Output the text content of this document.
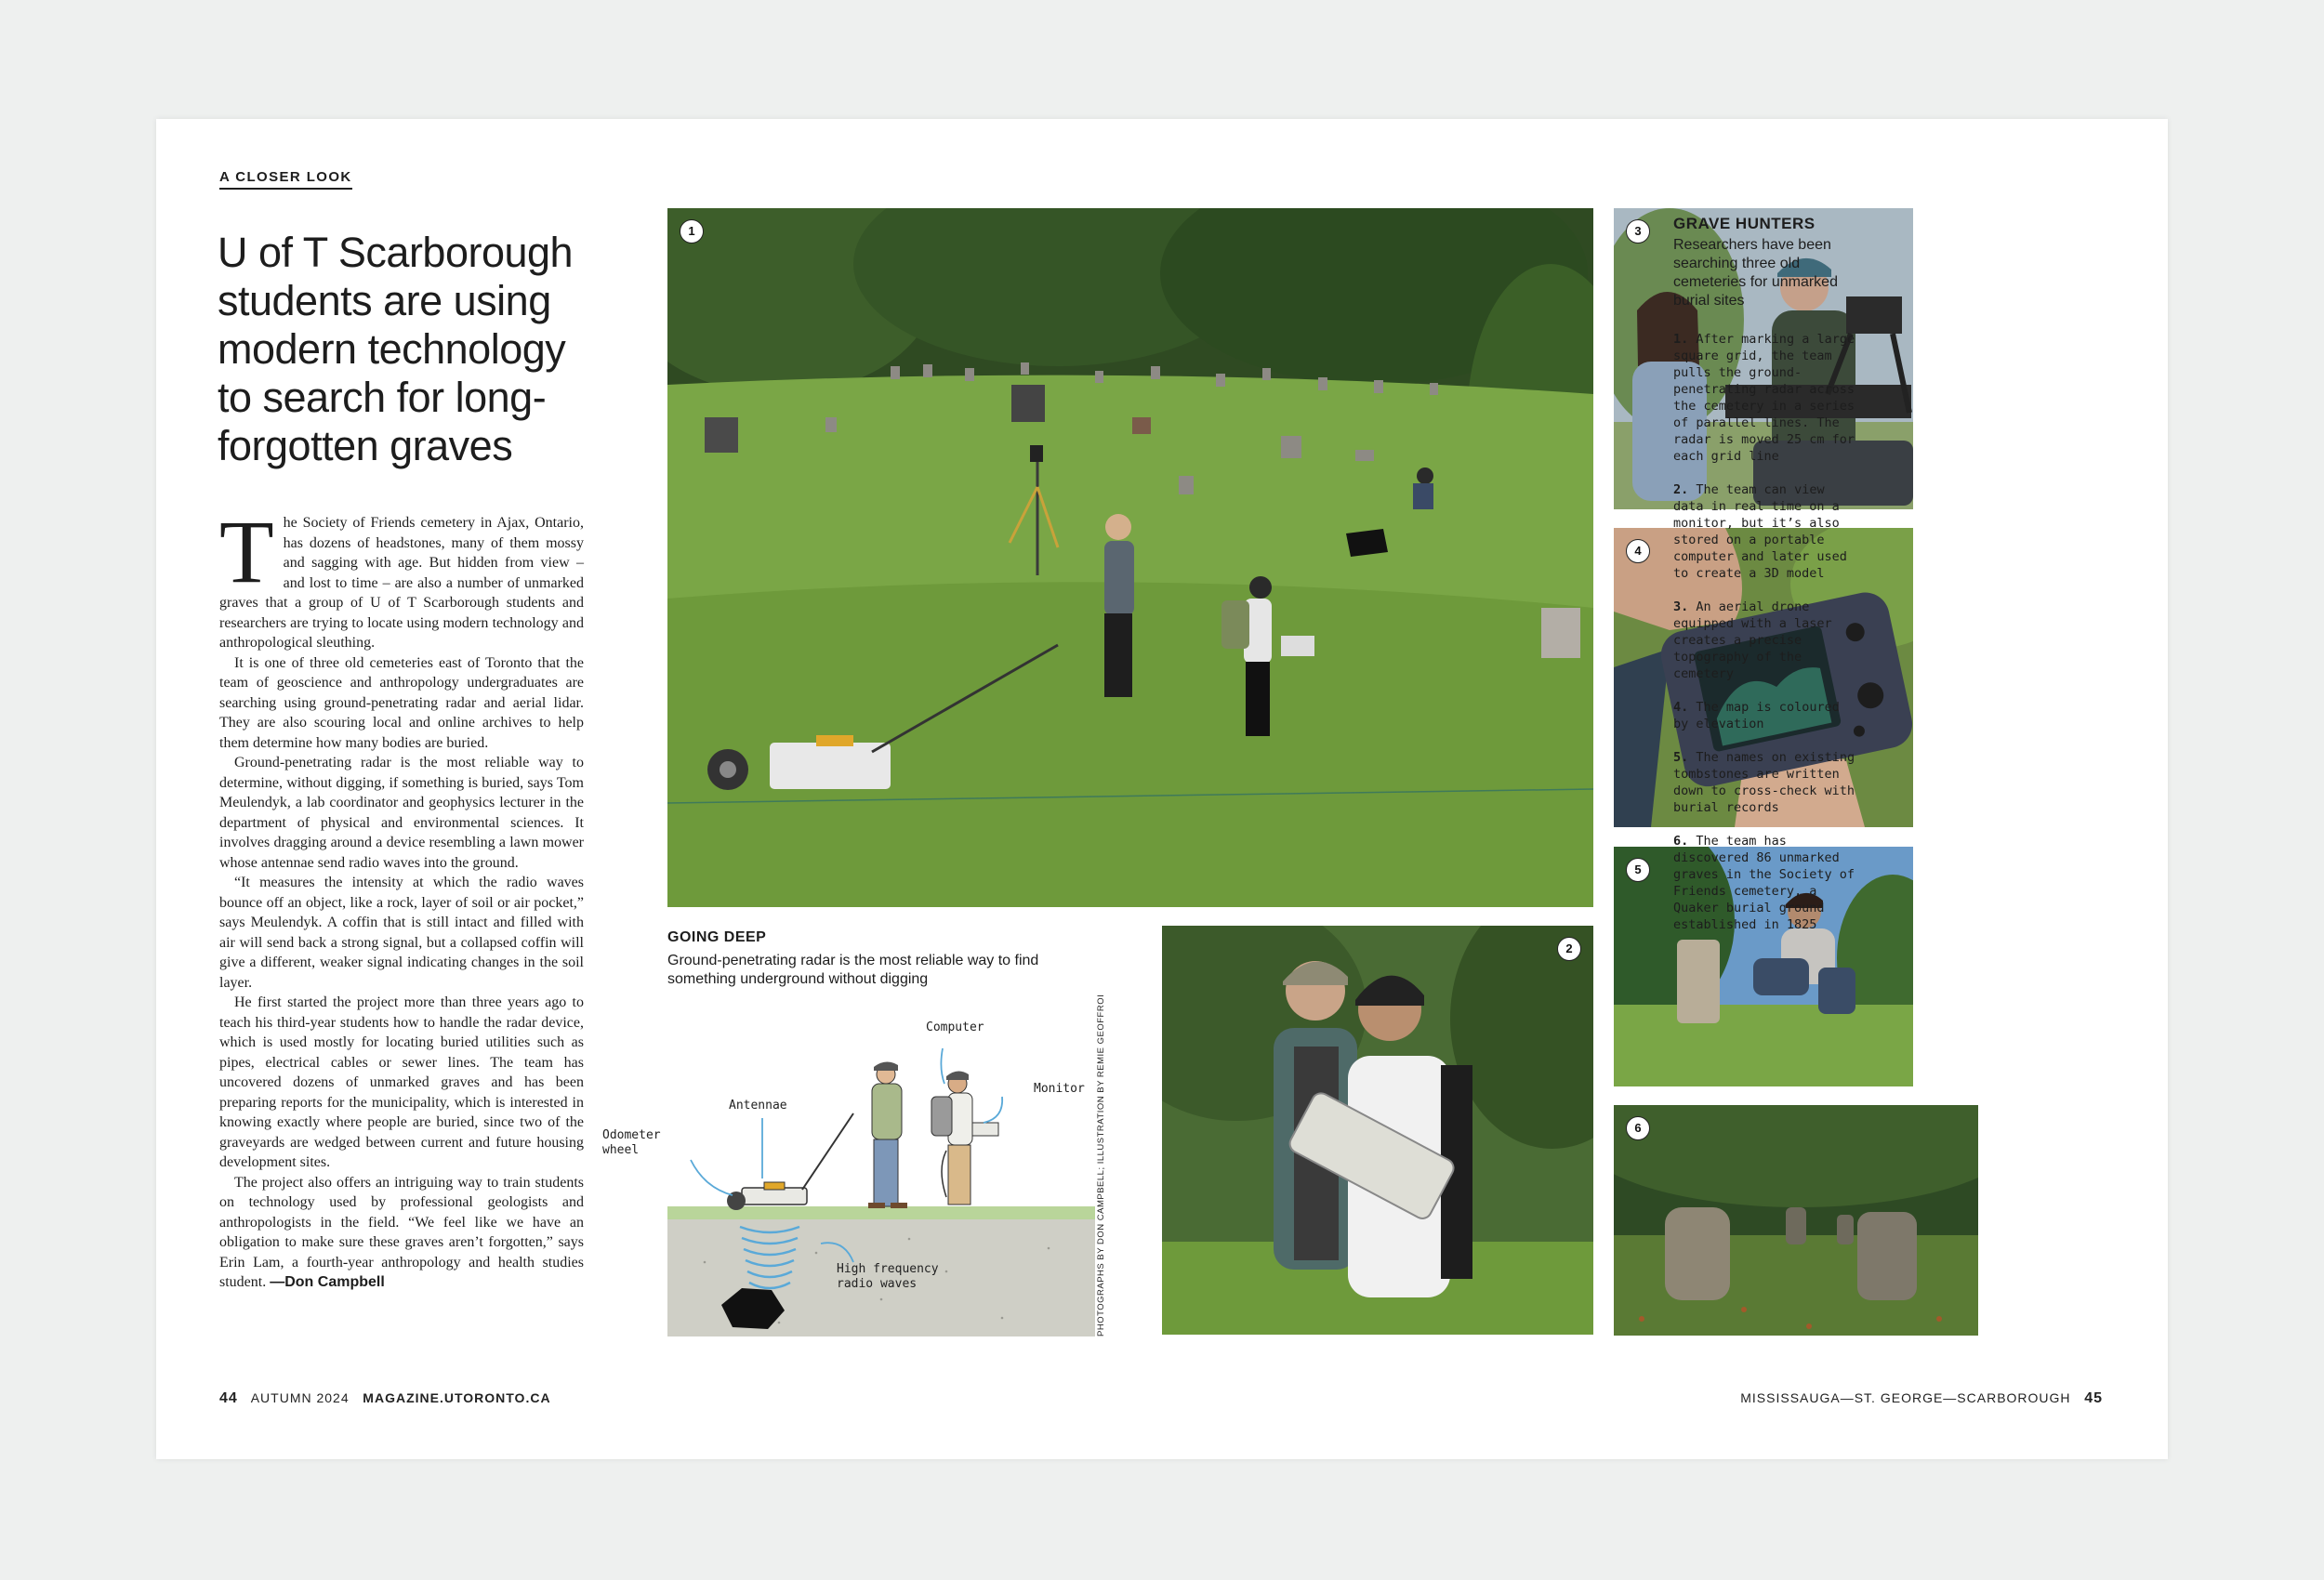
A CLOSER LOOK
U of T Scarborough students are using modern technology to search for long-forgotten graves

The Society of Friends cemetery in Ajax, Ontario, has dozens of headstones, many of them mossy and sagging with age. But hidden from view – and lost to time – are also a number of unmarked graves that a group of U of T Scarborough students and researchers are trying to locate using modern technology and anthropological sleuthing.

It is one of three old cemeteries east of Toronto that the team of geoscience and anthropology undergraduates are searching using ground-penetrating radar and aerial lidar. They are also scouring local and online archives to help them determine how many bodies are buried.

Ground-penetrating radar is the most reliable way to determine, without digging, if something is buried, says Tom Meulendyk, a lab coordinator and geophysics lecturer in the department of physical and environmental sciences. It involves dragging around a device resembling a lawn mower whose antennae send radio waves into the ground.

“It measures the intensity at which the radio waves bounce off an object, like a rock, layer of soil or air pocket,” says Meulendyk. A coffin that is still intact and filled with air will send back a strong signal, but a collapsed coffin will give a different, weaker signal indicating changes in the soil layer.

He first started the project more than three years ago to teach his third-year students how to handle the radar device, which is used mostly for locating buried utilities such as pipes, electrical cables or sewer lines. The team has uncovered dozens of unmarked graves and has been preparing reports for the municipality, which is interested in knowing exactly where people are buried, since two of the graveyards are wedged between current and future housing development sites.

The project also offers an intriguing way to train students on technology used by professional geologists and anthropologists in the field. “We feel like we have an obligation to make sure these graves aren’t forgotten,” says Erin Lam, a fourth-year anthropology and health studies student. —Don Campbell

1
GOING DEEP
Ground-penetrating radar is the most reliable way to find something underground without digging
Computer
Antennae
Monitor
Odometer
wheel
High frequency
radio waves	PHOTOGRAPHS BY DON CAMPBELL; ILLUSTRATION BY REMIE GEOFFROI
2
3
4
5
6
GRAVE HUNTERS
Researchers have been searching three old cemeteries for unmarked burial sites
1. After marking a large square grid, the team pulls the ground-penetrating radar across the cemetery in a series of parallel lines. The radar is moved 25 cm for each grid line
2. The team can view data in real time on a monitor, but it’s also stored on a portable computer and later used to create a 3D model
3. An aerial drone equipped with a laser creates a precise topography of the cemetery
4. The map is coloured by elevation
5. The names on existing tombstones are written down to cross-check with burial records
6. The team has discovered 86 unmarked graves in the Society of Friends cemetery, a Quaker burial ground established in 1825
44 AUTUMN 2024 MAGAZINE.UTORONTO.CA	MISSISSAUGA—ST. GEORGE—SCARBOROUGH 45
